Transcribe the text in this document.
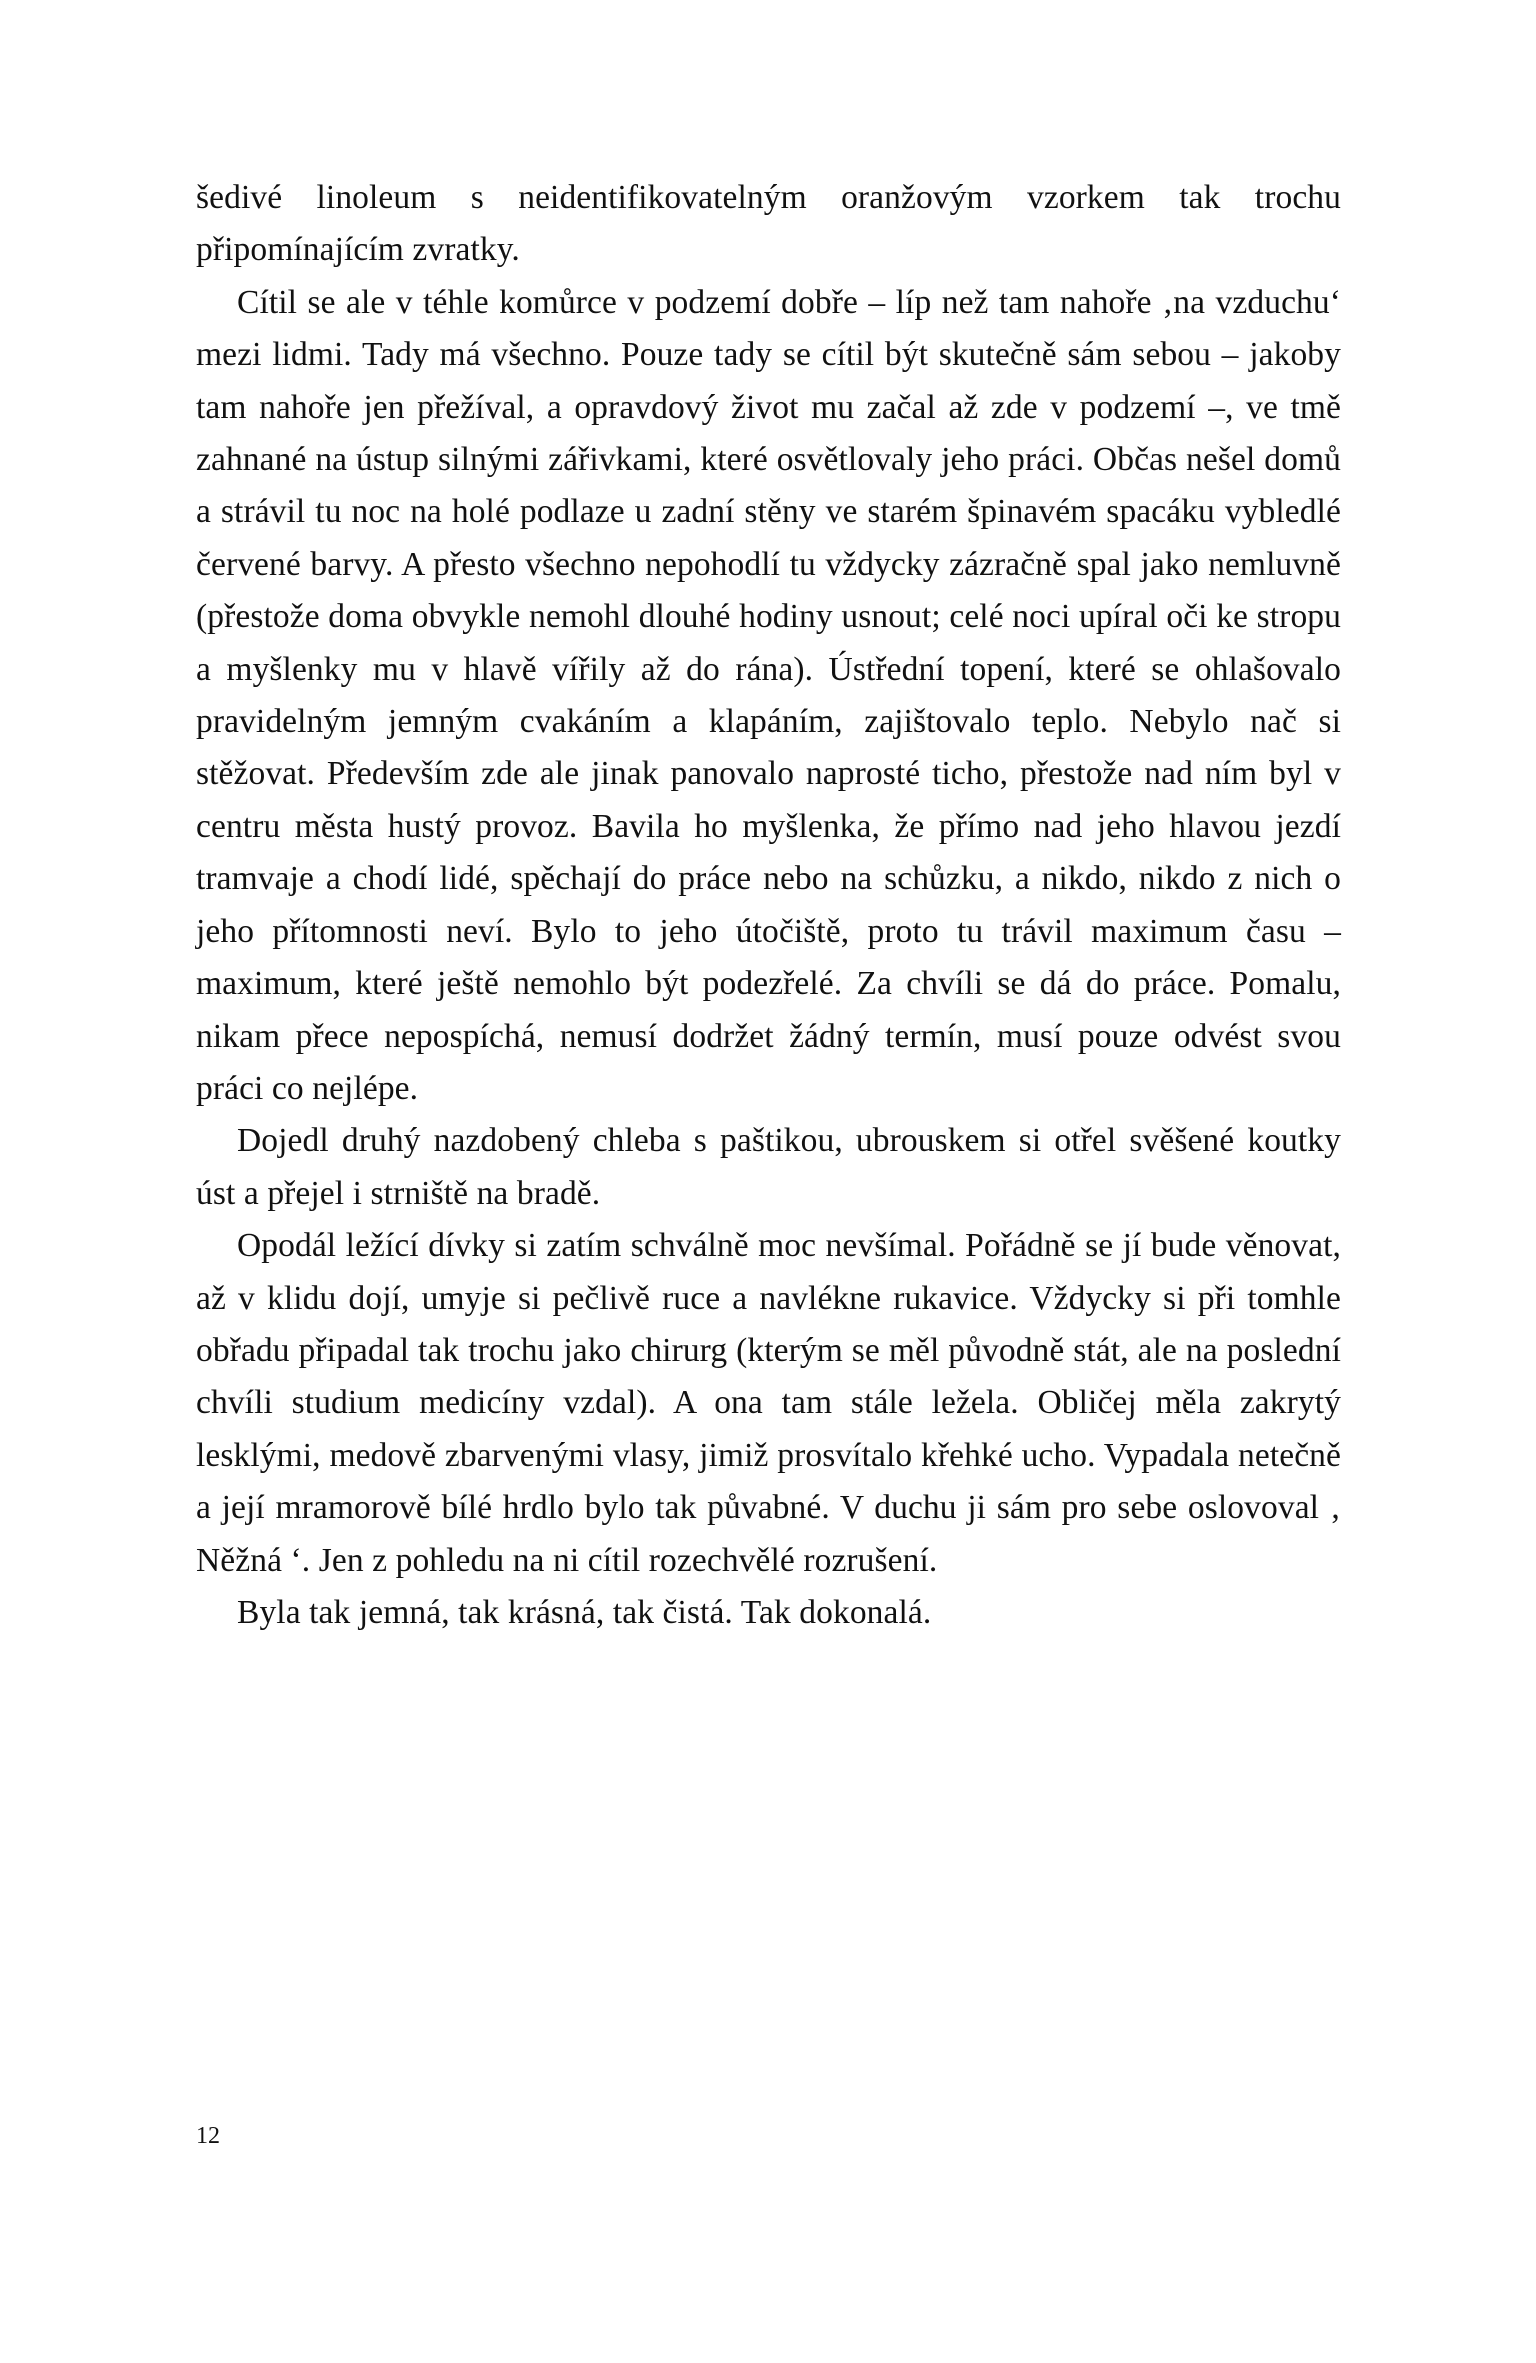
šedivé linoleum s neidentifikovatelným oranžovým vzorkem tak trochu připomínajícím zvratky.

Cítil se ale v téhle komůrce v podzemí dobře – líp než tam nahoře ‚na vzduchu‘ mezi lidmi. Tady má všechno. Pouze tady se cítil být skutečně sám sebou – jakoby tam nahoře jen přežíval, a opravdový život mu začal až zde v podzemí –, ve tmě zahnané na ústup silnými zářivkami, které osvětlovaly jeho práci. Občas nešel domů a strávil tu noc na holé podlaze u zadní stěny ve starém špinavém spacáku vybledlé červené barvy. A přesto všechno nepohodlí tu vždycky zázračně spal jako nemluvně (přestože doma obvykle nemohl dlouhé hodiny usnout; celé noci upíral oči ke stropu a myšlenky mu v hlavě vířily až do rána). Ústřední topení, které se ohlašovalo pravidelným jemným cvakáním a klapáním, zajištovalo teplo. Nebylo nač si stěžovat. Především zde ale jinak panovalo naprosté ticho, přestože nad ním byl v centru města hustý provoz. Bavila ho myšlenka, že přímo nad jeho hlavou jezdí tramvaje a chodí lidé, spěchají do práce nebo na schůzku, a nikdo, nikdo z nich o jeho přítomnosti neví. Bylo to jeho útočiště, proto tu trávil maximum času – maximum, které ještě nemohlo být podezřelé. Za chvíli se dá do práce. Pomalu, nikam přece nepospíchá, nemusí dodržet žádný termín, musí pouze odvést svou práci co nejlépe.

Dojedl druhý nazdobený chleba s paštikou, ubrouskem si otřel svěšené koutky úst a přejel i strniště na bradě.

Opodál ležící dívky si zatím schválně moc nevšímal. Pořádně se jí bude věnovat, až v klidu dojí, umyje si pečlivě ruce a navlékne rukavice. Vždycky si při tomhle obřadu připadal tak trochu jako chirurg (kterým se měl původně stát, ale na poslední chvíli studium medicíny vzdal). A ona tam stále ležela. Obličej měla zakrytý lesklými, medově zbarvenými vlasy, jimiž prosvítalo křehké ucho. Vypadala netečně a její mramorově bílé hrdlo bylo tak půvabné. V duchu ji sám pro sebe oslovoval ‚ Něžná ‘. Jen z pohledu na ni cítil rozechvělé rozrušení.

Byla tak jemná, tak krásná, tak čistá. Tak dokonalá.

12
